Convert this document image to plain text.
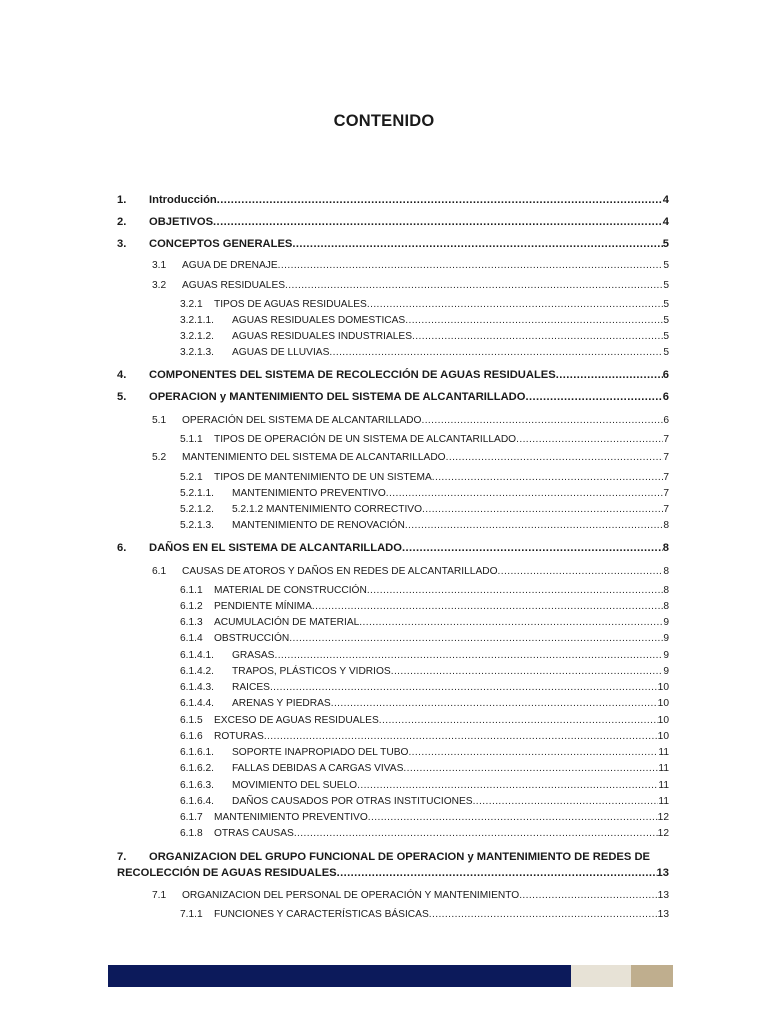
CONTENIDO
1.	Introducción .....	4
2.	OBJETIVOS .....	4
3.	CONCEPTOS GENERALES .....	5
3.1	AGUA DE DRENAJE .....	5
3.2	AGUAS RESIDUALES .....	5
3.2.1	TIPOS DE AGUAS RESIDUALES .....	5
3.2.1.1.	AGUAS RESIDUALES DOMESTICAS .....	5
3.2.1.2.	AGUAS RESIDUALES INDUSTRIALES .....	5
3.2.1.3.	AGUAS DE LLUVIAS .....	5
4.	COMPONENTES DEL SISTEMA DE RECOLECCIÓN DE AGUAS RESIDUALES .....	6
5.	OPERACION y MANTENIMIENTO DEL SISTEMA DE ALCANTARILLADO .....	6
5.1	OPERACIÓN DEL SISTEMA DE ALCANTARILLADO .....	6
5.1.1	TIPOS DE OPERACIÓN DE UN SISTEMA DE ALCANTARILLADO .....	7
5.2	MANTENIMIENTO DEL SISTEMA DE ALCANTARILLADO .....	7
5.2.1	TIPOS DE MANTENIMIENTO DE UN SISTEMA .....	7
5.2.1.1.	MANTENIMIENTO PREVENTIVO .....	7
5.2.1.2.	5.2.1.2 MANTENIMIENTO CORRECTIVO .....	7
5.2.1.3.	MANTENIMIENTO DE RENOVACIÓN .....	8
6.	DAÑOS EN EL SISTEMA DE ALCANTARILLADO .....	8
6.1	CAUSAS DE ATOROS Y DAÑOS EN REDES DE ALCANTARILLADO .....	8
6.1.1	MATERIAL DE CONSTRUCCIÓN .....	8
6.1.2	PENDIENTE MÍNIMA .....	8
6.1.3	ACUMULACIÓN DE MATERIAL .....	9
6.1.4	OBSTRUCCIÓN .....	9
6.1.4.1.	GRASAS .....	9
6.1.4.2.	TRAPOS, PLÁSTICOS Y VIDRIOS .....	9
6.1.4.3.	RAICES .....	10
6.1.4.4.	ARENAS Y PIEDRAS .....	10
6.1.5	EXCESO DE AGUAS RESIDUALES .....	10
6.1.6	ROTURAS .....	10
6.1.6.1.	SOPORTE INAPROPIADO DEL TUBO .....	11
6.1.6.2.	FALLAS DEBIDAS A CARGAS VIVAS .....	11
6.1.6.3.	MOVIMIENTO DEL SUELO .....	11
6.1.6.4.	DAÑOS CAUSADOS POR OTRAS INSTITUCIONES .....	11
6.1.7	MANTENIMIENTO PREVENTIVO .....	12
6.1.8	OTRAS CAUSAS .....	12
7.	ORGANIZACION DEL GRUPO FUNCIONAL DE OPERACION y MANTENIMIENTO DE REDES DE
RECOLECCIÓN DE AGUAS RESIDUALES .....	13
7.1	ORGANIZACION DEL PERSONAL DE OPERACIÓN Y MANTENIMIENTO .....	13
7.1.1	FUNCIONES Y CARACTERÍSTICAS BÁSICAS .....	13
